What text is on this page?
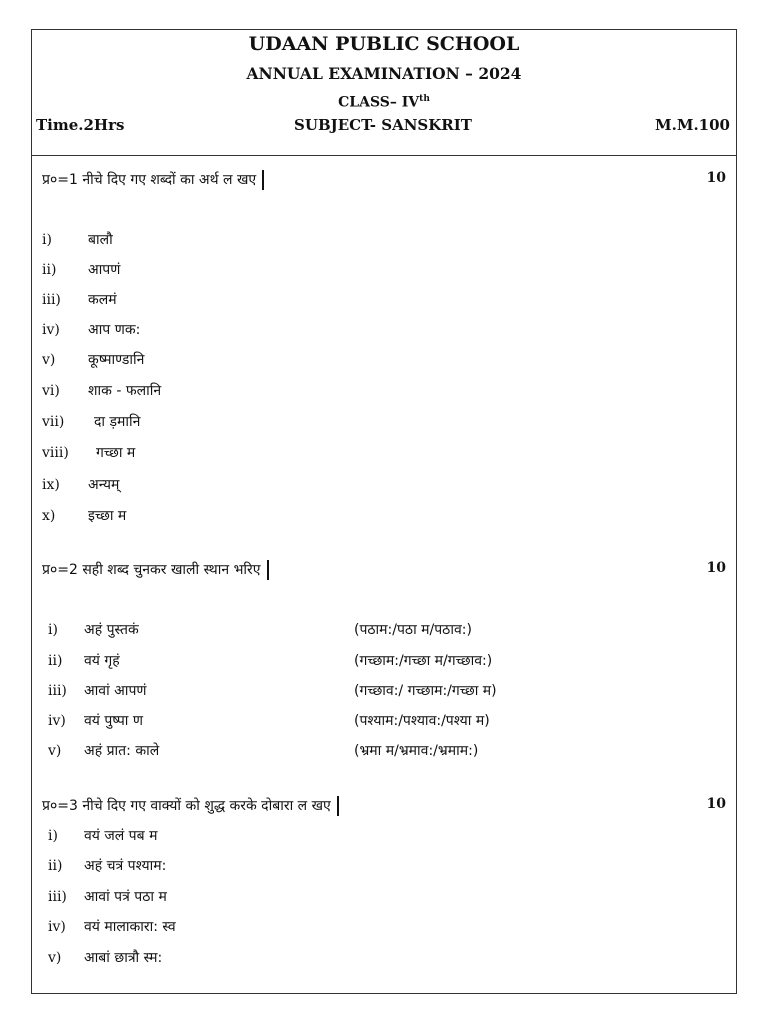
UDAAN PUBLIC SCHOOL
ANNUAL EXAMINATION – 2024
CLASS– IVth
Time.2Hrs	SUBJECT- SANSKRIT	M.M.100
प्र०=1 नीचे दिए गए शब्दों का अर्थ ल खए	10
i)	बालौ
ii) आपणं
iii) कलमं
iv) आप णक:
v) कूष्माण्डानि
vi) शाक - फलानि
vii) दा ड़मानि
viii) गच्छा म
ix) अन्यम्
x) इच्छा म
प्र०=2 सही शब्द चुनकर खाली स्थान भरिए	10
i) अहं पुस्तकं	(पठाम:/पठा म/पठाव:)
ii) वयं गृहं	(गच्छाम:/गच्छा म/गच्छाव:)
iii) आवां आपणं	(गच्छाव:/ गच्छाम:/गच्छा म)
iv) वयं पुष्पा ण	(पश्याम:/पश्याव:/पश्या म)
v) अहं प्रात: काले	(भ्रमा म/भ्रमाव:/भ्रमाम:)
प्र०=3 नीचे दिए गए वाक्यों को शुद्ध करके दोबारा ल खए	10
i) वयं जलं पब म
ii) अहं चत्रं पश्याम:
iii) आवां पत्रं पठा म
iv) वयं मालाकारा: स्व
v) आबां छात्रौ स्म:
